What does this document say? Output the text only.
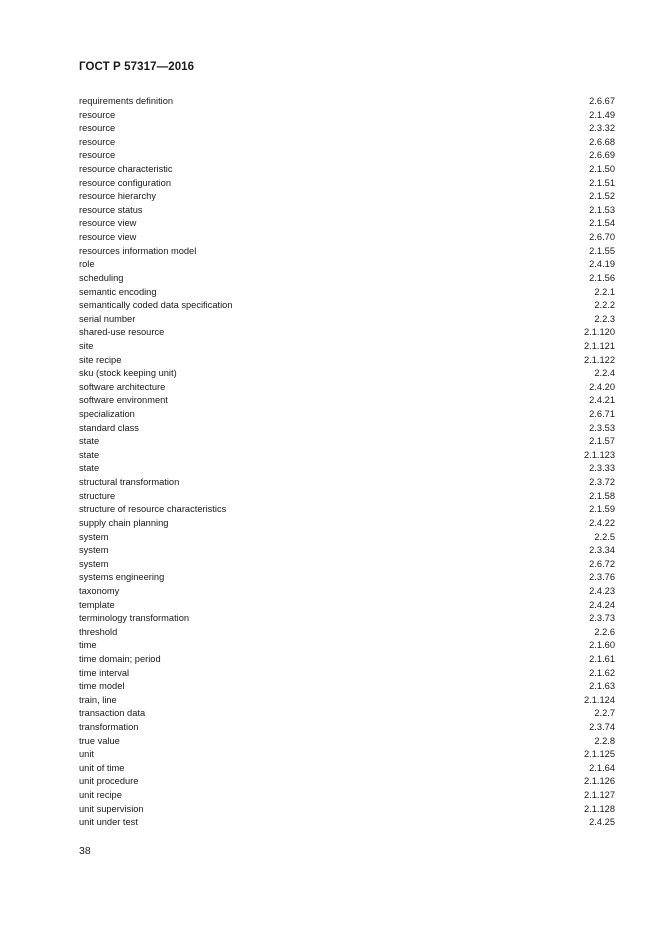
ГОСТ Р 57317—2016
requirements definition	2.6.67
resource	2.1.49
resource	2.3.32
resource	2.6.68
resource	2.6.69
resource characteristic	2.1.50
resource configuration	2.1.51
resource hierarchy	2.1.52
resource status	2.1.53
resource view	2.1.54
resource view	2.6.70
resources information model	2.1.55
role	2.4.19
scheduling	2.1.56
semantic encoding	2.2.1
semantically coded data specification	2.2.2
serial number	2.2.3
shared-use resource	2.1.120
site	2.1.121
site recipe	2.1.122
sku (stock keeping unit)	2.2.4
software architecture	2.4.20
software environment	2.4.21
specialization	2.6.71
standard class	2.3.53
state	2.1.57
state	2.1.123
state	2.3.33
structural transformation	2.3.72
structure	2.1.58
structure of resource characteristics	2.1.59
supply chain planning	2.4.22
system	2.2.5
system	2.3.34
system	2.6.72
systems engineering	2.3.76
taxonomy	2.4.23
template	2.4.24
terminology transformation	2.3.73
threshold	2.2.6
time	2.1.60
time domain; period	2.1.61
time interval	2.1.62
time model	2.1.63
train, line	2.1.124
transaction data	2.2.7
transformation	2.3.74
true value	2.2.8
unit	2.1.125
unit of time	2.1.64
unit procedure	2.1.126
unit recipe	2.1.127
unit supervision	2.1.128
unit under test	2.4.25
38
